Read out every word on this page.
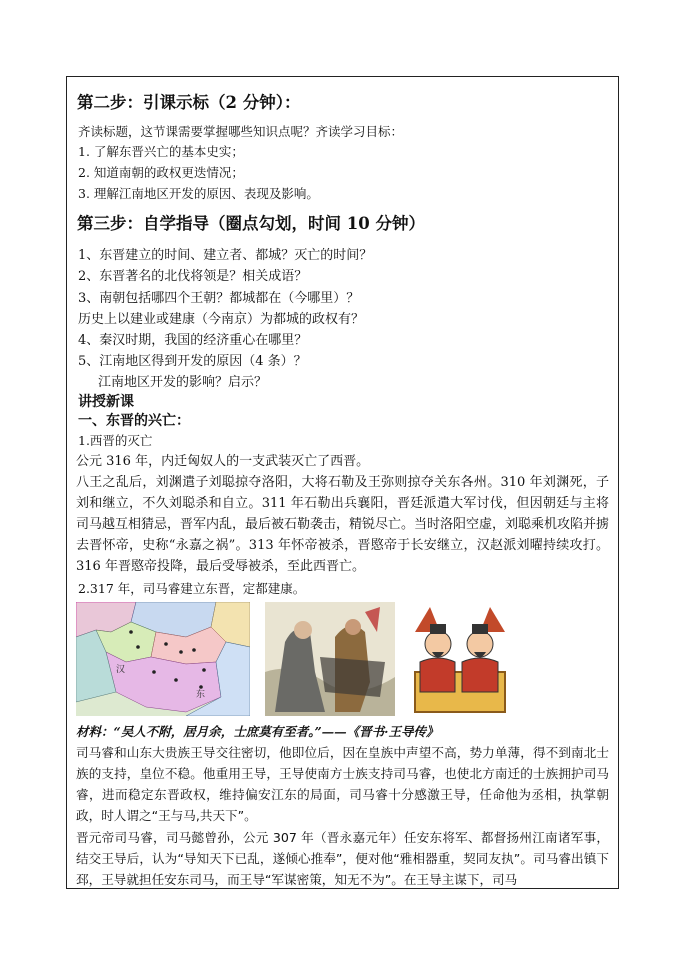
第二步：引课示标（2 分钟）：
齐读标题，这节课需要掌握哪些知识点呢？齐读学习目标：
1. 了解东晋兴亡的基本史实；
2. 知道南朝的政权更迭情况；
3. 理解江南地区开发的原因、表现及影响。
第三步：自学指导（圈点勾划，时间 10 分钟）
1、东晋建立的时间、建立者、都城？灭亡的时间？
2、东晋著名的北伐将领是？相关成语？
3、南朝包括哪四个王朝？都城都在（今哪里）？
历史上以建业或建康（今南京）为都城的政权有？
4、秦汉时期，我国的经济重心在哪里？
5、江南地区得到开发的原因（4 条）？
江南地区开发的影响？启示？
讲授新课
一、东晋的兴亡：
1.西晋的灭亡
公元 316 年，内迁匈奴人的一支武装灭亡了西晋。
八王之乱后，刘渊遣子刘聪掠夺洛阳，大将石勒及王弥则掠夺关东各州。310 年刘渊死，子刘和继立，不久刘聪杀和自立。311 年石勒出兵襄阳，晋廷派遣大军讨伐，但因朝廷与主将司马越互相猜忌，晋军内乱，最后被石勒袭击，精锐尽亡。当时洛阳空虚，刘聪乘机攻陷并掳去晋怀帝，史称“永嘉之祸”。313 年怀帝被杀，晋愍帝于长安继立，汉赵派刘曜持续攻打。316 年晋愍帝投降，最后受辱被杀，至此西晋亡。
2.317 年，司马睿建立东晋，定都建康。
汉
东
材料：“吴人不附，居月余，士庶莫有至者。”——《晋书·王导传》
司马睿和山东大贵族王导交往密切，他即位后，因在皇族中声望不高，势力单薄，得不到南北士族的支持，皇位不稳。他重用王导，王导使南方士族支持司马睿，也使北方南迁的士族拥护司马睿，进而稳定东晋政权，维持偏安江东的局面，司马睿十分感激王导，任命他为丞相，执掌朝政，时人谓之“王与马,共天下”。
晋元帝司马睿，司马懿曾孙，公元 307 年（晋永嘉元年）任安东将军、都督扬州江南诸军事，结交王导后，认为“导知天下已乱，遂倾心推奉”，便对他“雅相器重，契同友执”。司马睿出镇下邳，王导就担任安东司马，而王导“军谋密策，知无不为”。在王导主谋下，司马
